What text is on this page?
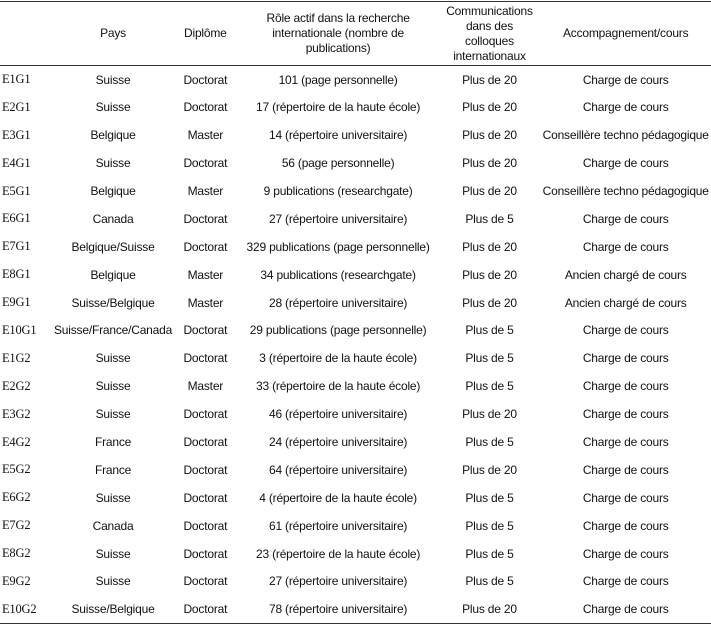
	Pays	Diplôme	Rôle actif dans la recherche internationale (nombre de publications)	Communications dans des colloques internationaux	Accompagnement/cours
E1G1	Suisse	Doctorat	101 (page personnelle)	Plus de 20	Charge de cours
E2G1	Suisse	Doctorat	17 (répertoire de la haute école)	Plus de 20	Charge de cours
E3G1	Belgique	Master	14 (répertoire universitaire)	Plus de 20	Conseillère techno pédagogique
E4G1	Suisse	Doctorat	56 (page personnelle)	Plus de 20	Charge de cours
E5G1	Belgique	Master	9 publications (researchgate)	Plus de 20	Conseillère techno pédagogique
E6G1	Canada	Doctorat	27 (répertoire universitaire)	Plus de 5	Charge de cours
E7G1	Belgique/Suisse	Doctorat	329 publications (page personnelle)	Plus de 20	Charge de cours
E8G1	Belgique	Master	34 publications (researchgate)	Plus de 20	Ancien chargé de cours
E9G1	Suisse/Belgique	Master	28 (répertoire universitaire)	Plus de 20	Ancien chargé de cours
E10G1	Suisse/France/Canada	Doctorat	29 publications (page personnelle)	Plus de 5	Charge de cours
E1G2	Suisse	Doctorat	3 (répertoire de la haute école)	Plus de 5	Charge de cours
E2G2	Suisse	Master	33 (répertoire de la haute école)	Plus de 5	Charge de cours
E3G2	Suisse	Doctorat	46 (répertoire universitaire)	Plus de 20	Charge de cours
E4G2	France	Doctorat	24 (répertoire universitaire)	Plus de 5	Charge de cours
E5G2	France	Doctorat	64 (répertoire universitaire)	Plus de 20	Charge de cours
E6G2	Suisse	Doctorat	4 (répertoire de la haute école)	Plus de 5	Charge de cours
E7G2	Canada	Doctorat	61 (répertoire universitaire)	Plus de 5	Charge de cours
E8G2	Suisse	Doctorat	23 (répertoire de la haute école)	Plus de 5	Charge de cours
E9G2	Suisse	Doctorat	27 (répertoire universitaire)	Plus de 5	Charge de cours
E10G2	Suisse/Belgique	Doctorat	78 (répertoire universitaire)	Plus de 20	Charge de cours
